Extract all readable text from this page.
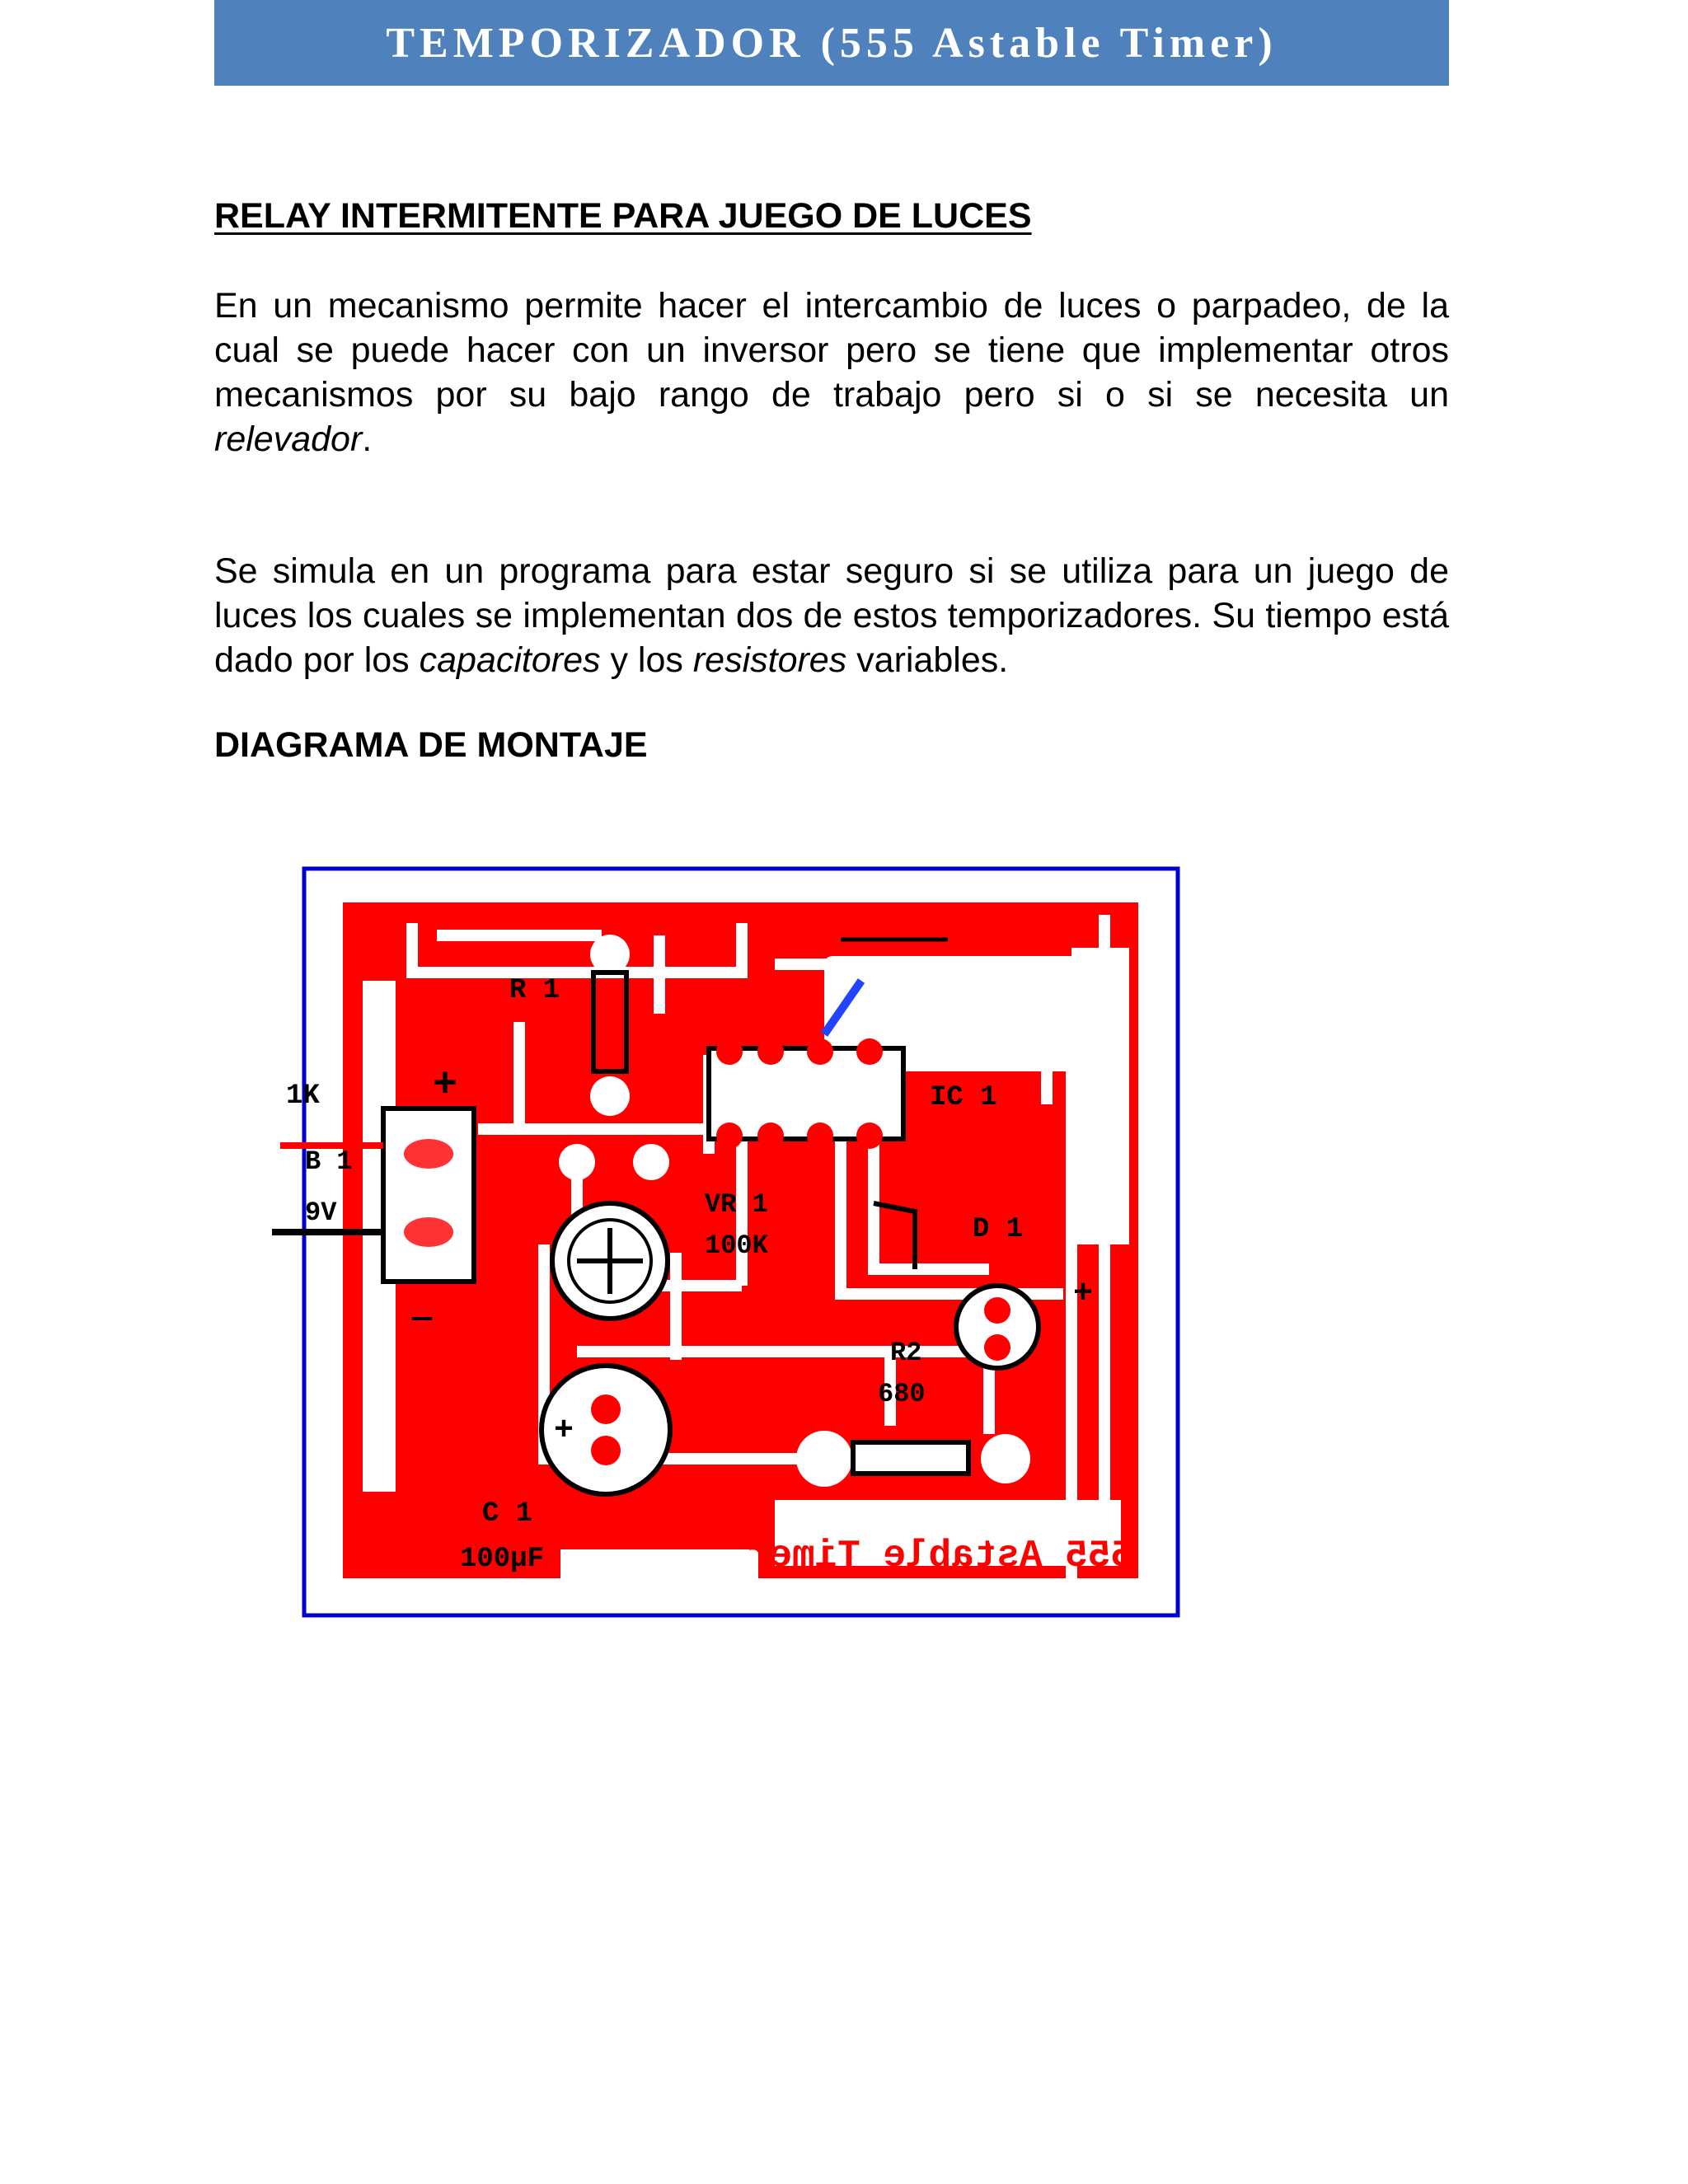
TEMPORIZADOR (555 Astable Timer)
RELAY INTERMITENTE PARA JUEGO DE LUCES

En un mecanismo permite hacer el intercambio de luces o parpadeo, de la cual se puede hacer con un inversor pero se tiene que implementar otros mecanismos por su bajo rango de trabajo pero si o si se necesita un relevador.

Se simula en un programa para estar seguro si se utiliza para un juego de luces los cuales se implementan dos de estos temporizadores. Su tiempo está dado por los capacitores y los resistores variables.

DIAGRAMA DE MONTAJE
R 1
1K
B 1
9V
IC 1
VR 1
100K
D 1
R2
680
C 1
100µF
+
—
+
+
555 Astable Timer
